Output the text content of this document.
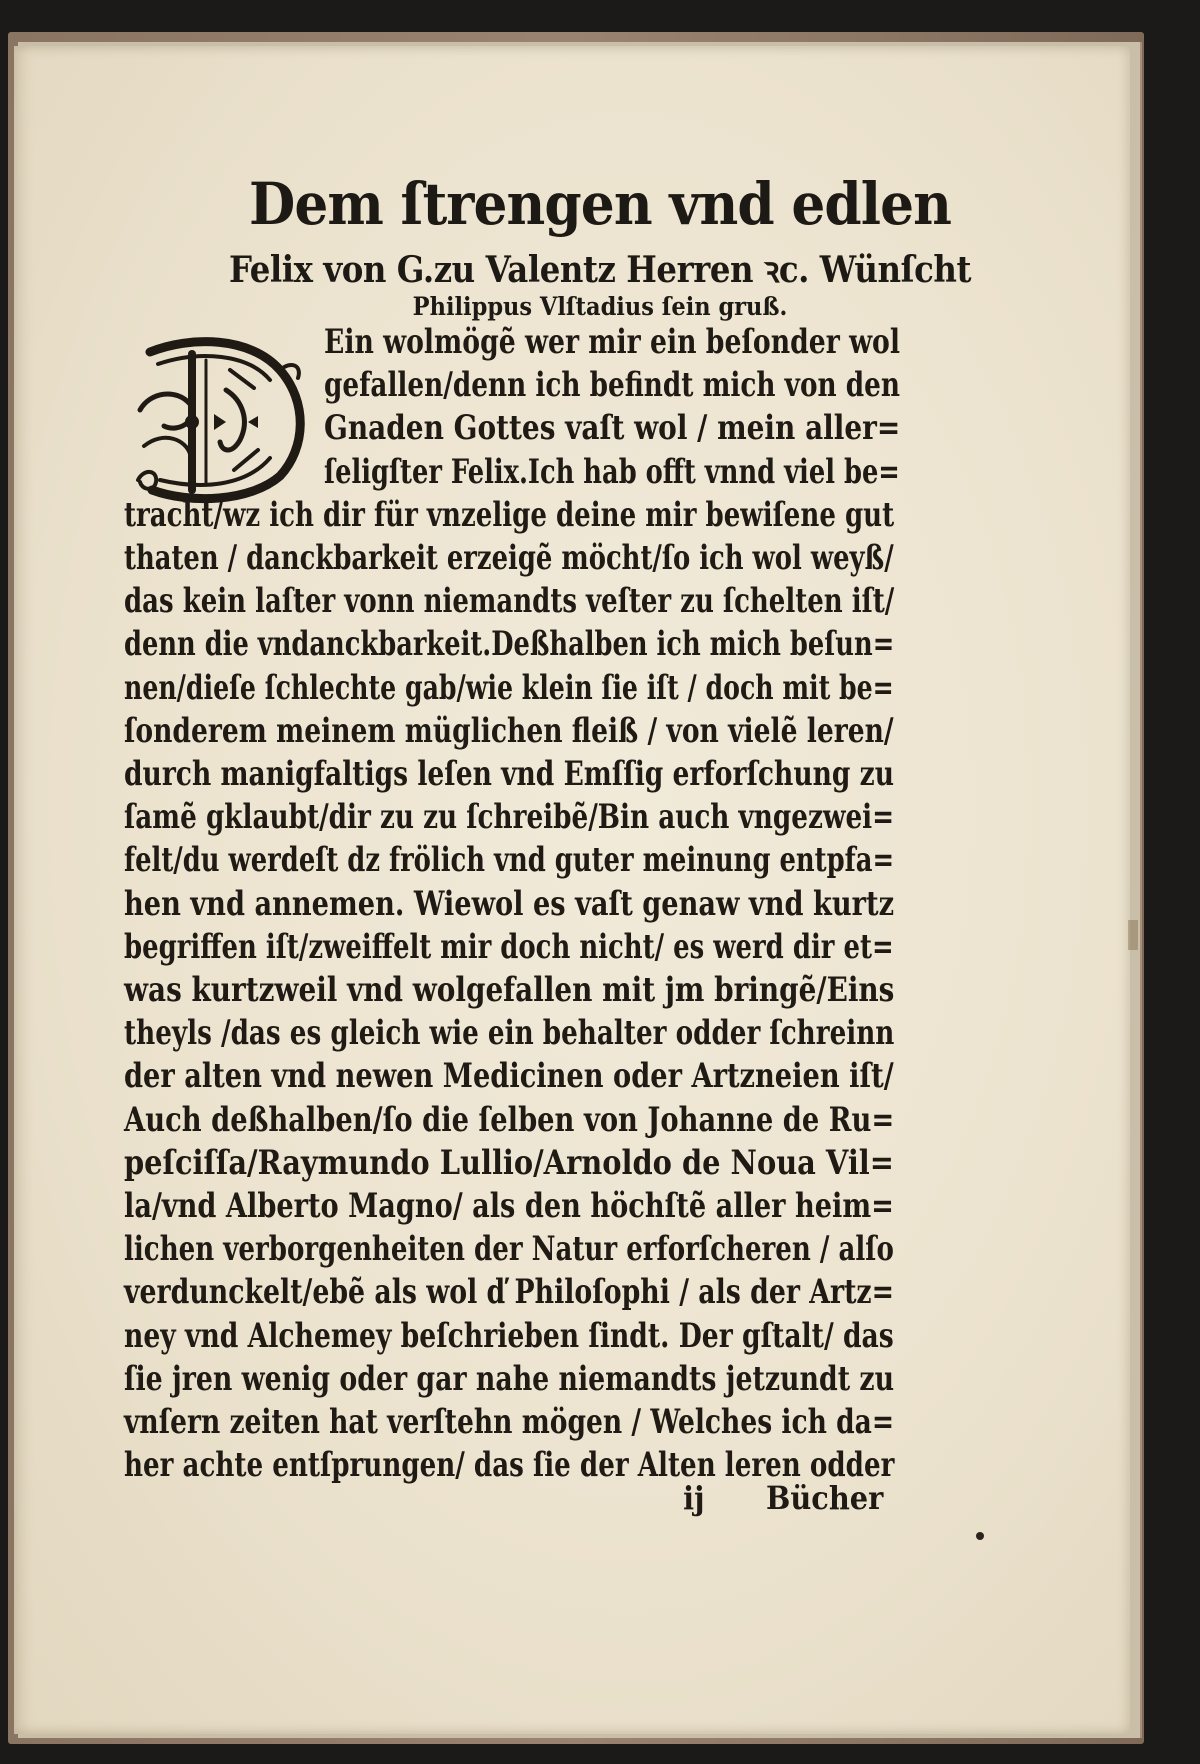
Dem ſtrengen vnd edlen
Felix von G.zu Valentz Herren ꝛc. Wünſcht
Philippus Vlſtadius ſein gruß.
Ein wolmögẽ wer mir ein beſonder wol
gefallen/denn ich befindt mich von den
Gnaden Gottes vaſt wol / mein aller=
ſeligſter Felix.Ich hab offt vnnd viel be=
tracht/wz ich dir für vnzelige deine mir bewiſene gut
thaten / danckbarkeit erzeigẽ möcht/ſo ich wol weyß/
das kein laſter vonn niemandts veſter zu ſchelten iſt/
denn die vndanckbarkeit.Deßhalben ich mich beſun=
nen/dieſe ſchlechte gab/wie klein ſie iſt / doch mit be=
ſonderem meinem müglichen fleiß / von vielẽ leren/
durch manigfaltigs leſen vnd Emſſig erforſchung zu
ſamẽ gklaubt/dir zu zu ſchreibẽ/Bin auch vngezwei=
felt/du werdeſt dz frölich vnd guter meinung entpfa=
hen vnd annemen. Wiewol es vaſt genaw vnd kurtz
begriffen iſt/zweiffelt mir doch nicht/ es werd dir et=
was kurtzweil vnd wolgefallen mit jm bringẽ/Eins
theyls /das es gleich wie ein behalter odder ſchreinn
der alten vnd newen Medicinen oder Artzneien iſt/
Auch deßhalben/ſo die ſelben von Johanne de Ru=
peſciſſa/Raymundo Lullio/Arnoldo de Noua Vil=
la/vnd Alberto Magno/ als den höchſtẽ aller heim=
lichen verborgenheiten der Natur erforſcheren / alſo
verdunckelt/ebẽ als wol ď Philoſophi / als der Artz=
ney vnd Alchemey beſchrieben ſindt. Der gſtalt/ das
ſie jren wenig oder gar nahe niemandts jetzundt zu
vnſern zeiten hat verſtehn mögen / Welches ich da=
her achte entſprungen/ das ſie der Alten leren odder
ij Bücher
